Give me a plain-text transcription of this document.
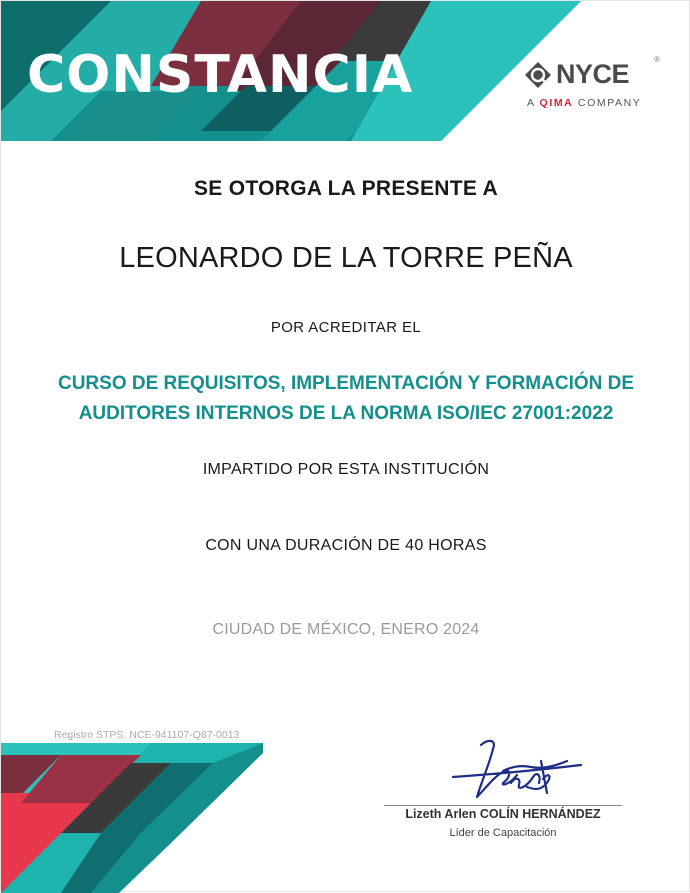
CONSTANCIA	NYCE	®
A QIMA COMPANY

SE OTORGA LA PRESENTE A

LEONARDO DE LA TORRE PEÑA

POR ACREDITAR EL

CURSO DE REQUISITOS, IMPLEMENTACIÓN Y FORMACIÓN DE
AUDITORES INTERNOS DE LA NORMA ISO/IEC 27001:2022

IMPARTIDO POR ESTA INSTITUCIÓN

CON UNA DURACIÓN DE 40 HORAS

CIUDAD DE MÉXICO, ENERO 2024

Registro STPS: NCE-941107-Q87-0013
Lizeth Arlen COLÍN HERNÁNDEZ
Líder de Capacitación
